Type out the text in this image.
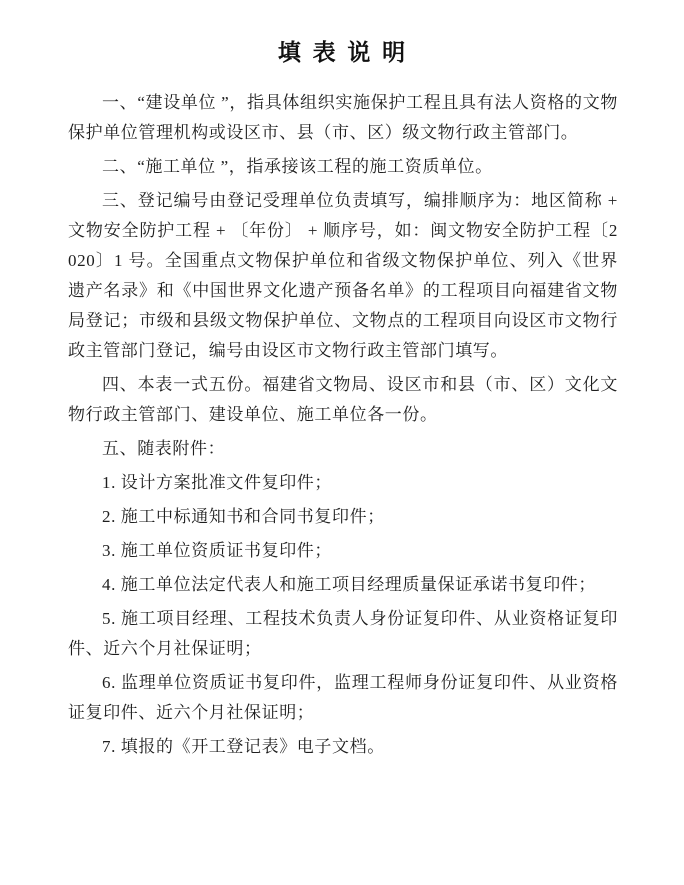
填 表 说 明

一、“建设单位 ”，指具体组织实施保护工程且具有法人资格的文物保护单位管理机构或设区市、县（市、区）级文物行政主管部门。

二、“施工单位 ”，指承接该工程的施工资质单位。

三、登记编号由登记受理单位负责填写，编排顺序为：地区简称 + 文物安全防护工程 + 〔年份〕 + 顺序号，如：闽文物安全防护工程〔2020〕1 号。全国重点文物保护单位和省级文物保护单位、列入《世界遗产名录》和《中国世界文化遗产预备名单》的工程项目向福建省文物局登记；市级和县级文物保护单位、文物点的工程项目向设区市文物行政主管部门登记，编号由设区市文物行政主管部门填写。

四、本表一式五份。福建省文物局、设区市和县（市、区）文化文物行政主管部门、建设单位、施工单位各一份。

五、随表附件：

1. 设计方案批准文件复印件；

2. 施工中标通知书和合同书复印件；

3. 施工单位资质证书复印件；

4. 施工单位法定代表人和施工项目经理质量保证承诺书复印件；

5. 施工项目经理、工程技术负责人身份证复印件、从业资格证复印件、近六个月社保证明；

6. 监理单位资质证书复印件，监理工程师身份证复印件、从业资格证复印件、近六个月社保证明；

7. 填报的《开工登记表》电子文档。
